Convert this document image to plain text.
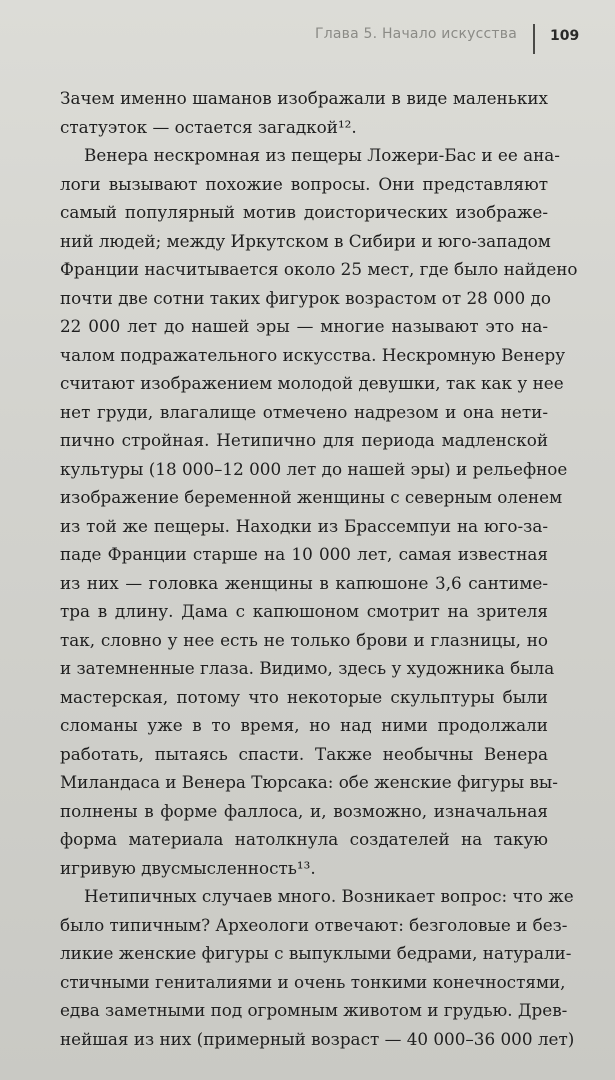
Глава 5. Начало искусства 109
Зачем именно шаманов изображали в виде маленьких
статуэток — остается загадкой¹².
Венера нескромная из пещеры Ложери-Бас и ее ана-
логи вызывают похожие вопросы. Они представляют
самый популярный мотив доисторических изображе-
ний людей; между Иркутском в Сибири и юго-западом
Франции насчитывается около 25 мест, где было найдено
почти две сотни таких фигурок возрастом от 28 000 до
22 000 лет до нашей эры — многие называют это на-
чалом подражательного искусства. Нескромную Венеру
считают изображением молодой девушки, так как у нее
нет груди, влагалище отмечено надрезом и она нети-
пично стройная. Нетипично для периода мадленской
культуры (18 000–12 000 лет до нашей эры) и рельефное
изображение беременной женщины с северным оленем
из той же пещеры. Находки из Брассемпуи на юго-за-
паде Франции старше на 10 000 лет, самая известная
из них — головка женщины в капюшоне 3,6 сантиме-
тра в длину. Дама с капюшоном смотрит на зрителя
так, словно у нее есть не только брови и глазницы, но
и затемненные глаза. Видимо, здесь у художника была
мастерская, потому что некоторые скульптуры были
сломаны уже в то время, но над ними продолжали
работать, пытаясь спасти. Также необычны Венера
Миландаса и Венера Тюрсака: обе женские фигуры вы-
полнены в форме фаллоса, и, возможно, изначальная
форма материала натолкнула создателей на такую
игривую двусмысленность¹³.
Нетипичных случаев много. Возникает вопрос: что же
было типичным? Археологи отвечают: безголовые и без-
ликие женские фигуры с выпуклыми бедрами, натурали-
стичными гениталиями и очень тонкими конечностями,
едва заметными под огромным животом и грудью. Древ-
нейшая из них (примерный возраст — 40 000–36 000 лет)
